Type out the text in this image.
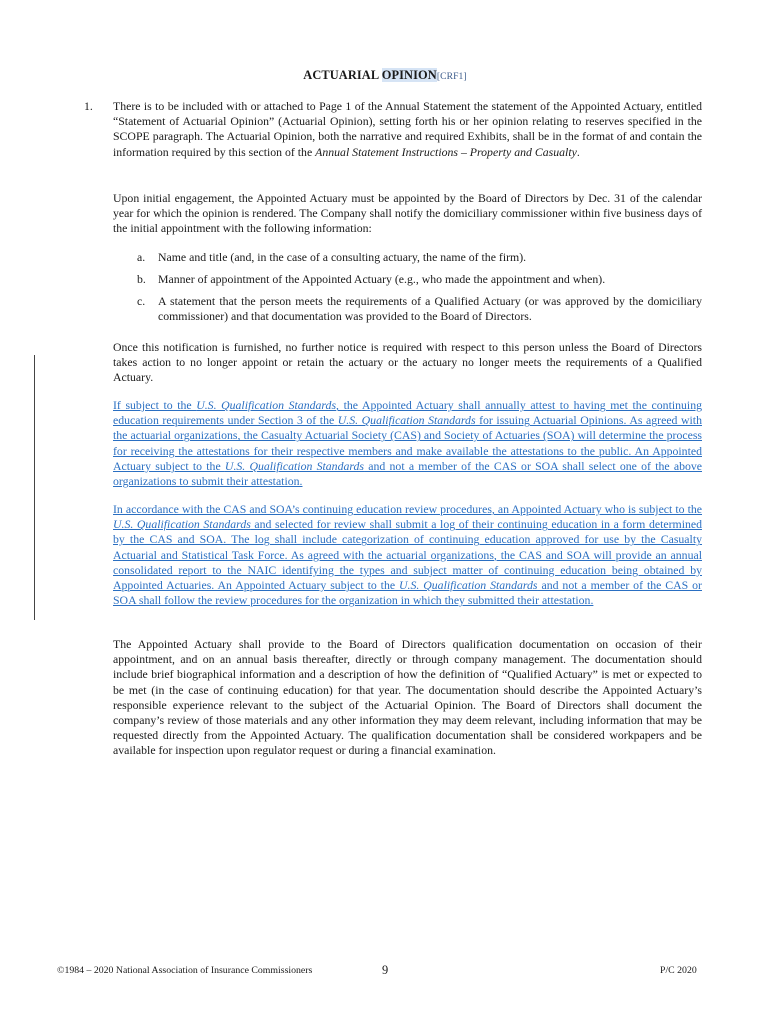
ACTUARIAL OPINION[CRF1]
1. There is to be included with or attached to Page 1 of the Annual Statement the statement of the Appointed Actuary, entitled “Statement of Actuarial Opinion” (Actuarial Opinion), setting forth his or her opinion relating to reserves specified in the SCOPE paragraph. The Actuarial Opinion, both the narrative and required Exhibits, shall be in the format of and contain the information required by this section of the Annual Statement Instructions – Property and Casualty.

Upon initial engagement, the Appointed Actuary must be appointed by the Board of Directors by Dec. 31 of the calendar year for which the opinion is rendered. The Company shall notify the domiciliary commissioner within five business days of the initial appointment with the following information:

a. Name and title (and, in the case of a consulting actuary, the name of the firm).
b. Manner of appointment of the Appointed Actuary (e.g., who made the appointment and when).
c. A statement that the person meets the requirements of a Qualified Actuary (or was approved by the domiciliary commissioner) and that documentation was provided to the Board of Directors.

Once this notification is furnished, no further notice is required with respect to this person unless the Board of Directors takes action to no longer appoint or retain the actuary or the actuary no longer meets the requirements of a Qualified Actuary.

If subject to the U.S. Qualification Standards, the Appointed Actuary shall annually attest to having met the continuing education requirements under Section 3 of the U.S. Qualification Standards for issuing Actuarial Opinions. As agreed with the actuarial organizations, the Casualty Actuarial Society (CAS) and Society of Actuaries (SOA) will determine the process for receiving the attestations for their respective members and make available the attestations to the public. An Appointed Actuary subject to the U.S. Qualification Standards and not a member of the CAS or SOA shall select one of the above organizations to submit their attestation.

In accordance with the CAS and SOA’s continuing education review procedures, an Appointed Actuary who is subject to the U.S. Qualification Standards and selected for review shall submit a log of their continuing education in a form determined by the CAS and SOA. The log shall include categorization of continuing education approved for use by the Casualty Actuarial and Statistical Task Force. As agreed with the actuarial organizations, the CAS and SOA will provide an annual consolidated report to the NAIC identifying the types and subject matter of continuing education being obtained by Appointed Actuaries. An Appointed Actuary subject to the U.S. Qualification Standards and not a member of the CAS or SOA shall follow the review procedures for the organization in which they submitted their attestation.

The Appointed Actuary shall provide to the Board of Directors qualification documentation on occasion of their appointment, and on an annual basis thereafter, directly or through company management. The documentation should include brief biographical information and a description of how the definition of “Qualified Actuary” is met or expected to be met (in the case of continuing education) for that year. The documentation should describe the Appointed Actuary’s responsible experience relevant to the subject of the Actuarial Opinion. The Board of Directors shall document the company’s review of those materials and any other information they may deem relevant, including information that may be requested directly from the Appointed Actuary. The qualification documentation shall be considered workpapers and be available for inspection upon regulator request or during a financial examination.

©1984 – 2020 National Association of Insurance Commissioners	9	P/C 2020
